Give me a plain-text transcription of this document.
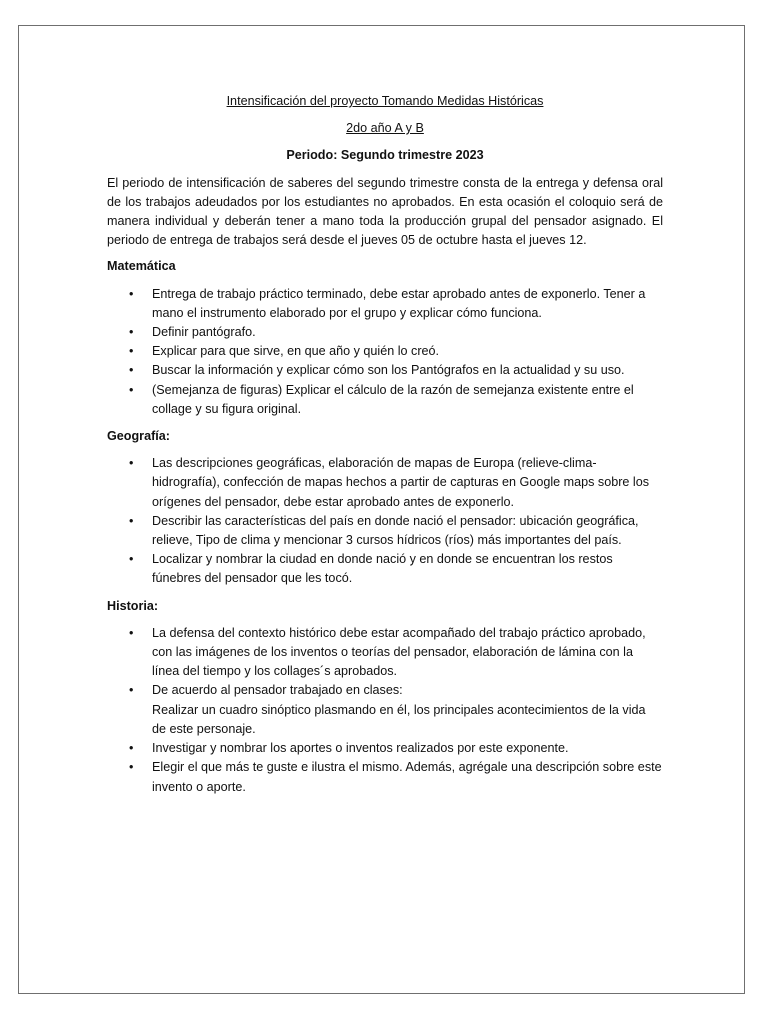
Intensificación del proyecto Tomando Medidas Históricas

2do año A y B

Periodo: Segundo trimestre 2023

El periodo de intensificación de saberes del segundo trimestre consta de la entrega y defensa oral de los trabajos adeudados por los estudiantes no aprobados. En esta ocasión el coloquio será de manera individual y deberán tener a mano toda la producción grupal del pensador asignado. El periodo de entrega de trabajos será desde el jueves 05 de octubre hasta el jueves 12.

Matemática

• Entrega de trabajo práctico terminado, debe estar aprobado antes de exponerlo. Tener a mano el instrumento elaborado por el grupo y explicar cómo funciona.
• Definir pantógrafo.
• Explicar para que sirve, en que año y quién lo creó.
• Buscar la información y explicar cómo son los Pantógrafos en la actualidad y su uso.
• (Semejanza de figuras) Explicar el cálculo de la razón de semejanza existente entre el collage y su figura original.

Geografía:

• Las descripciones geográficas, elaboración de mapas de Europa (relieve-clima-hidrografía), confección de mapas hechos a partir de capturas en Google maps sobre los orígenes del pensador, debe estar aprobado antes de exponerlo.
• Describir las características del país en donde nació el pensador: ubicación geográfica, relieve, Tipo de clima y mencionar 3 cursos hídricos (ríos) más importantes del país.
• Localizar y nombrar la ciudad en donde nació y en donde se encuentran los restos fúnebres del pensador que les tocó.

Historia:

• La defensa del contexto histórico debe estar acompañado del trabajo práctico aprobado, con las imágenes de los inventos o teorías del pensador, elaboración de lámina con la línea del tiempo y los collages´s aprobados.
• De acuerdo al pensador trabajado en clases:
Realizar un cuadro sinóptico plasmando en él, los principales acontecimientos de la vida de este personaje.
• Investigar y nombrar los aportes o inventos realizados por este exponente.
• Elegir el que más te guste e ilustra el mismo. Además, agrégale una descripción sobre este invento o aporte.
